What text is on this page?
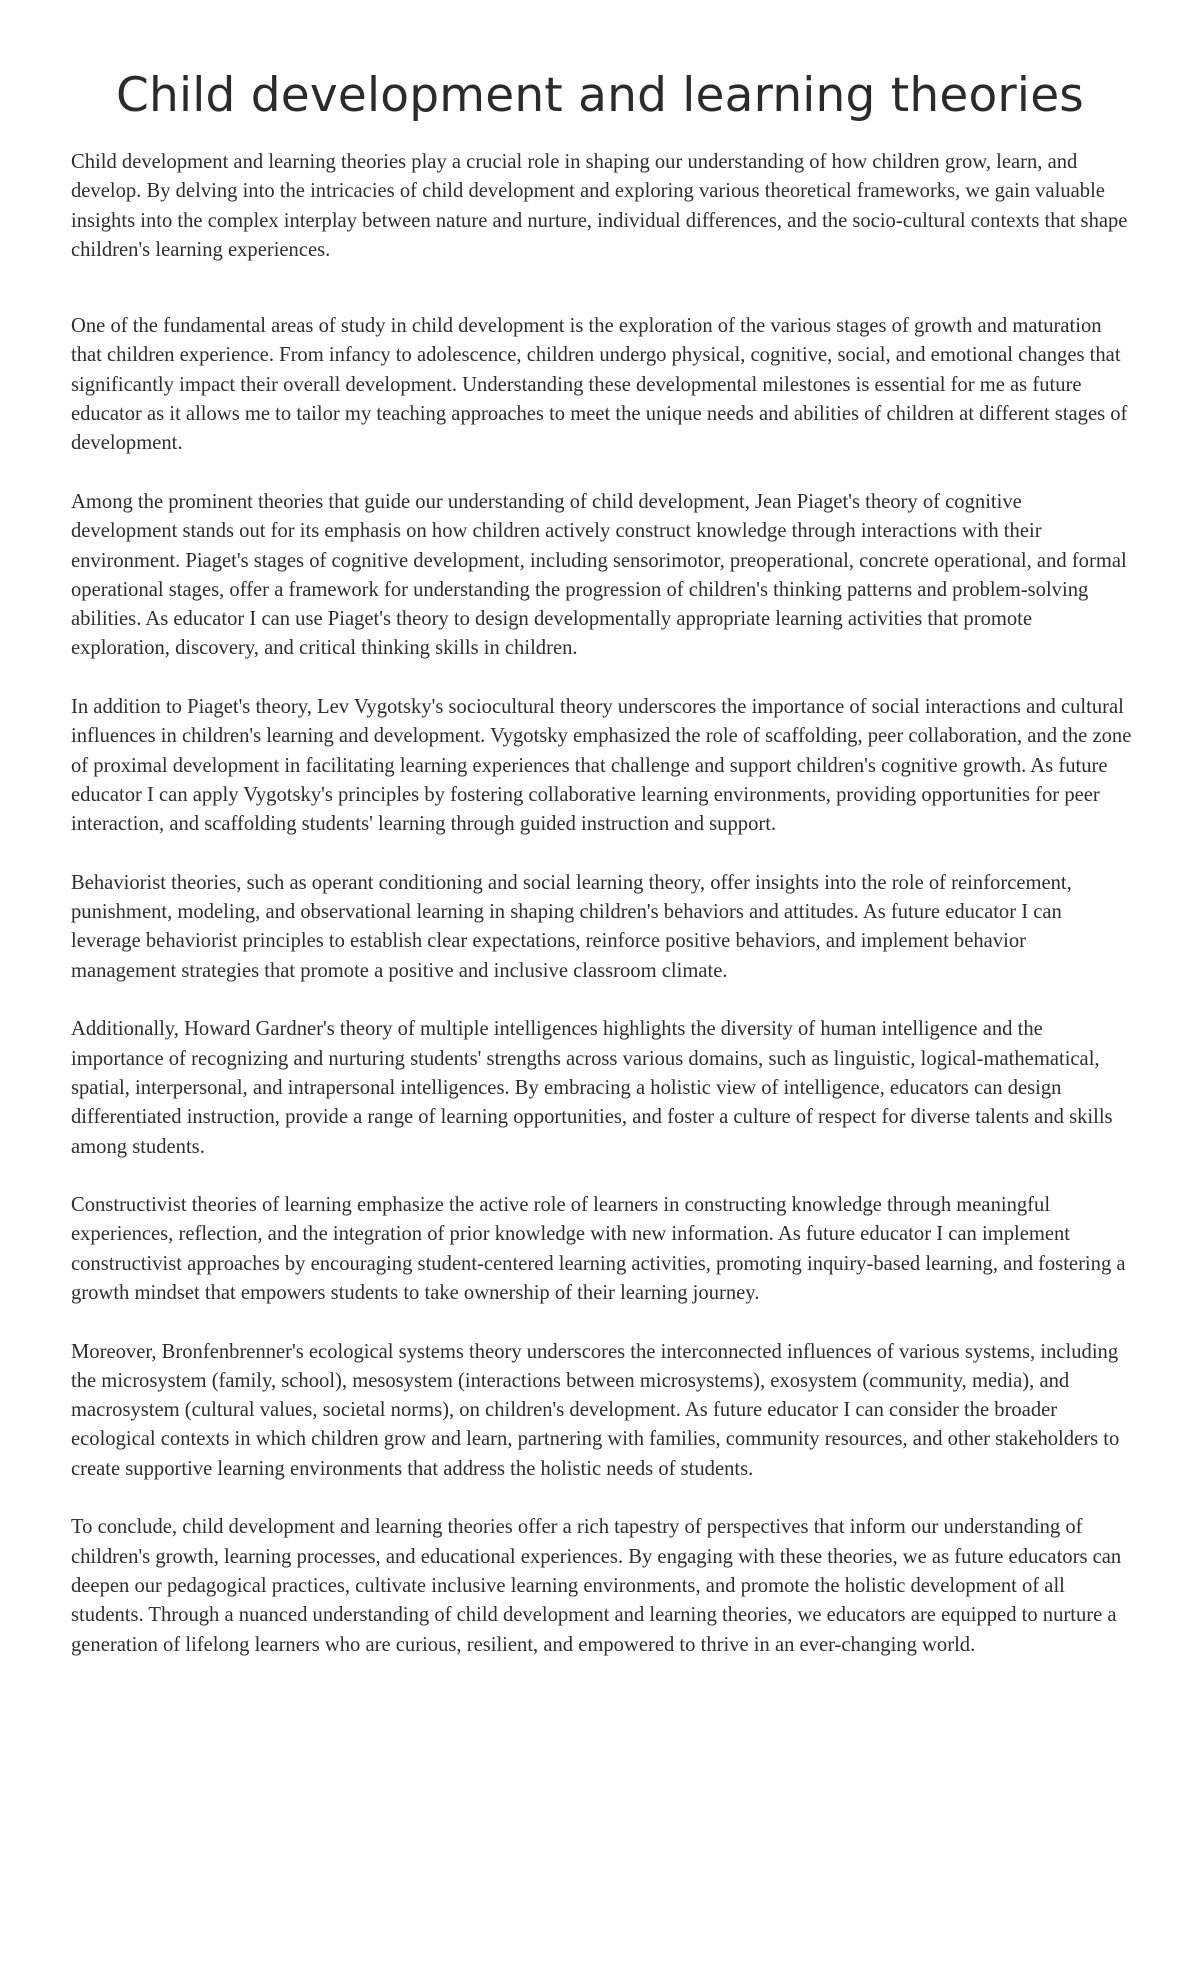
Child development and learning theories

Child development and learning theories play a crucial role in shaping our understanding of how children grow, learn, and develop. By delving into the intricacies of child development and exploring various theoretical frameworks, we gain valuable insights into the complex interplay between nature and nurture, individual differences, and the socio-cultural contexts that shape children's learning experiences.

One of the fundamental areas of study in child development is the exploration of the various stages of growth and maturation that children experience. From infancy to adolescence, children undergo physical, cognitive, social, and emotional changes that significantly impact their overall development. Understanding these developmental milestones is essential for me as future educator as it allows me to tailor my teaching approaches to meet the unique needs and abilities of children at different stages of development.

Among the prominent theories that guide our understanding of child development, Jean Piaget's theory of cognitive development stands out for its emphasis on how children actively construct knowledge through interactions with their environment. Piaget's stages of cognitive development, including sensorimotor, preoperational, concrete operational, and formal operational stages, offer a framework for understanding the progression of children's thinking patterns and problem-solving abilities. As educator I can use Piaget's theory to design developmentally appropriate learning activities that promote exploration, discovery, and critical thinking skills in children.

In addition to Piaget's theory, Lev Vygotsky's sociocultural theory underscores the importance of social interactions and cultural influences in children's learning and development. Vygotsky emphasized the role of scaffolding, peer collaboration, and the zone of proximal development in facilitating learning experiences that challenge and support children's cognitive growth. As future educator I can apply Vygotsky's principles by fostering collaborative learning environments, providing opportunities for peer interaction, and scaffolding students' learning through guided instruction and support.

Behaviorist theories, such as operant conditioning and social learning theory, offer insights into the role of reinforcement, punishment, modeling, and observational learning in shaping children's behaviors and attitudes. As future educator I can leverage behaviorist principles to establish clear expectations, reinforce positive behaviors, and implement behavior management strategies that promote a positive and inclusive classroom climate.

Additionally, Howard Gardner's theory of multiple intelligences highlights the diversity of human intelligence and the importance of recognizing and nurturing students' strengths across various domains, such as linguistic, logical-mathematical, spatial, interpersonal, and intrapersonal intelligences. By embracing a holistic view of intelligence, educators can design differentiated instruction, provide a range of learning opportunities, and foster a culture of respect for diverse talents and skills among students.

Constructivist theories of learning emphasize the active role of learners in constructing knowledge through meaningful experiences, reflection, and the integration of prior knowledge with new information. As future educator I can implement constructivist approaches by encouraging student-centered learning activities, promoting inquiry-based learning, and fostering a growth mindset that empowers students to take ownership of their learning journey.

Moreover, Bronfenbrenner's ecological systems theory underscores the interconnected influences of various systems, including the microsystem (family, school), mesosystem (interactions between microsystems), exosystem (community, media), and macrosystem (cultural values, societal norms), on children's development. As future educator I can consider the broader ecological contexts in which children grow and learn, partnering with families, community resources, and other stakeholders to create supportive learning environments that address the holistic needs of students.

To conclude, child development and learning theories offer a rich tapestry of perspectives that inform our understanding of children's growth, learning processes, and educational experiences. By engaging with these theories, we as future educators can deepen our pedagogical practices, cultivate inclusive learning environments, and promote the holistic development of all students. Through a nuanced understanding of child development and learning theories, we educators are equipped to nurture a generation of lifelong learners who are curious, resilient, and empowered to thrive in an ever-changing world.
